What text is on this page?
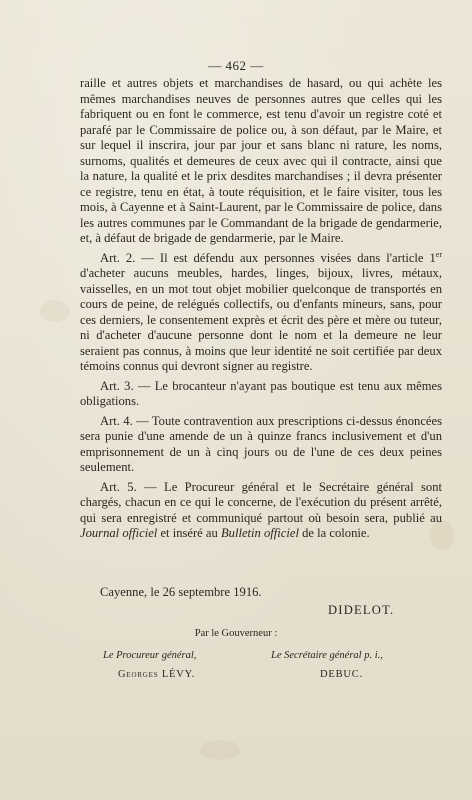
— 462 —

raille et autres objets et marchandises de hasard, ou qui achète les mêmes marchandises neuves de personnes autres que celles qui les fabriquent ou en font le commerce, est tenu d'avoir un registre coté et parafé par le Commissaire de police ou, à son défaut, par le Maire, et sur lequel il inscrira, jour par jour et sans blanc ni rature, les noms, surnoms, qualités et demeures de ceux avec qui il contracte, ainsi que la nature, la qualité et le prix desdites marchandises ; il devra présenter ce registre, tenu en état, à toute réquisition, et le faire visiter, tous les mois, à Cayenne et à Saint-Laurent, par le Commissaire de police, dans les autres communes par le Commandant de la brigade de gendarmerie, et, à défaut de brigade de gendarmerie, par le Maire.

Art. 2. — Il est défendu aux personnes visées dans l'article 1er d'acheter aucuns meubles, hardes, linges, bijoux, livres, métaux, vaisselles, en un mot tout objet mobilier quelconque de transportés en cours de peine, de relégués collectifs, ou d'enfants mineurs, sans, pour ces derniers, le consentement exprès et écrit des père et mère ou tuteur, ni d'acheter d'aucune personne dont le nom et la demeure ne leur seraient pas connus, à moins que leur identité ne soit certifiée par deux témoins connus qui devront signer au registre.

Art. 3. — Le brocanteur n'ayant pas boutique est tenu aux mêmes obligations.

Art. 4. — Toute contravention aux prescriptions ci-dessus énoncées sera punie d'une amende de un à quinze francs inclusivement et d'un emprisonnement de un à cinq jours ou de l'une de ces deux peines seulement.

Art. 5. — Le Procureur général et le Secrétaire général sont chargés, chacun en ce qui le concerne, de l'exécution du présent arrêté, qui sera enregistré et communiqué partout où besoin sera, publié au Journal officiel et inséré au Bulletin officiel de la colonie.

Cayenne, le 26 septembre 1916.
DIDELOT.
Par le Gouverneur :
Le Procureur général,	Le Secrétaire général p. i.,
Georges LÉVY.	DEBUC.
